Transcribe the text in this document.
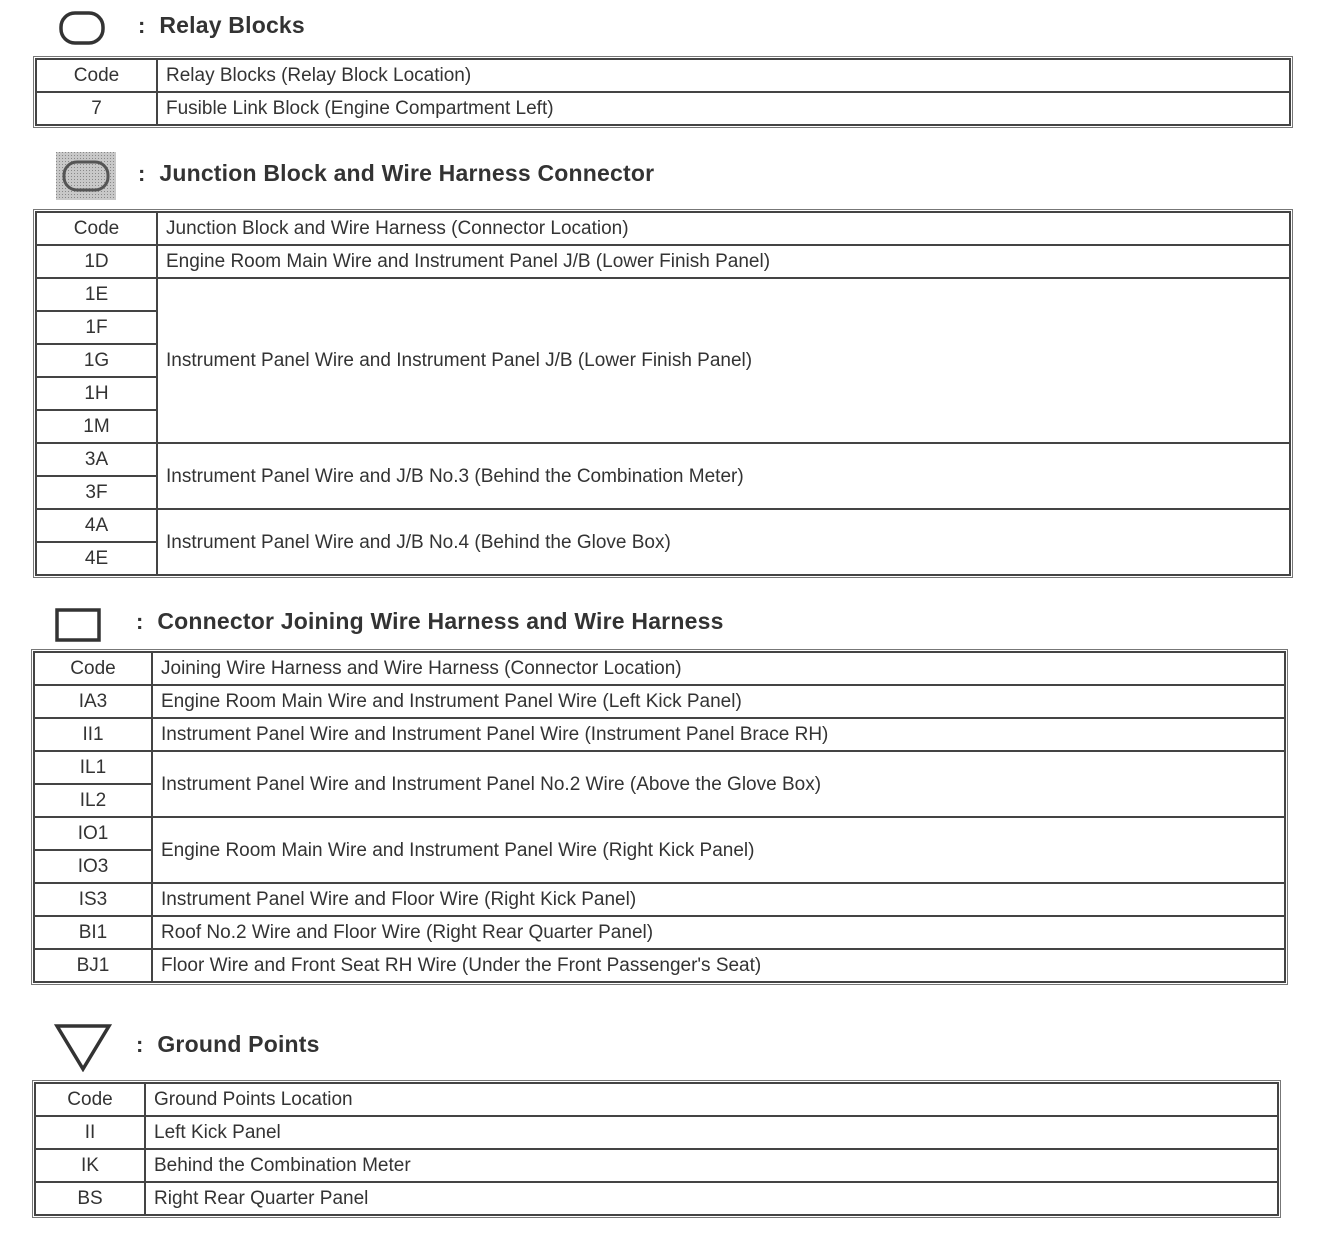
: Relay Blocks
Code	Relay Blocks (Relay Block Location)
7	Fusible Link Block (Engine Compartment Left)
: Junction Block and Wire Harness Connector
Code	Junction Block and Wire Harness (Connector Location)
1D	Engine Room Main Wire and Instrument Panel J/B (Lower Finish Panel)
1E	Instrument Panel Wire and Instrument Panel J/B (Lower Finish Panel)
1F	
1G	
1H	
1M	
3A	Instrument Panel Wire and J/B No.3 (Behind the Combination Meter)
3F	
4A	Instrument Panel Wire and J/B No.4 (Behind the Glove Box)
4E	
: Connector Joining Wire Harness and Wire Harness
Code	Joining Wire Harness and Wire Harness (Connector Location)
IA3	Engine Room Main Wire and Instrument Panel Wire (Left Kick Panel)
II1	Instrument Panel Wire and Instrument Panel Wire (Instrument Panel Brace RH)
IL1	Instrument Panel Wire and Instrument Panel No.2 Wire (Above the Glove Box)
IL2	
IO1	Engine Room Main Wire and Instrument Panel Wire (Right Kick Panel)
IO3	
IS3	Instrument Panel Wire and Floor Wire (Right Kick Panel)
BI1	Roof No.2 Wire and Floor Wire (Right Rear Quarter Panel)
BJ1	Floor Wire and Front Seat RH Wire (Under the Front Passenger's Seat)
: Ground Points
Code	Ground Points Location
II	Left Kick Panel
IK	Behind the Combination Meter
BS	Right Rear Quarter Panel
